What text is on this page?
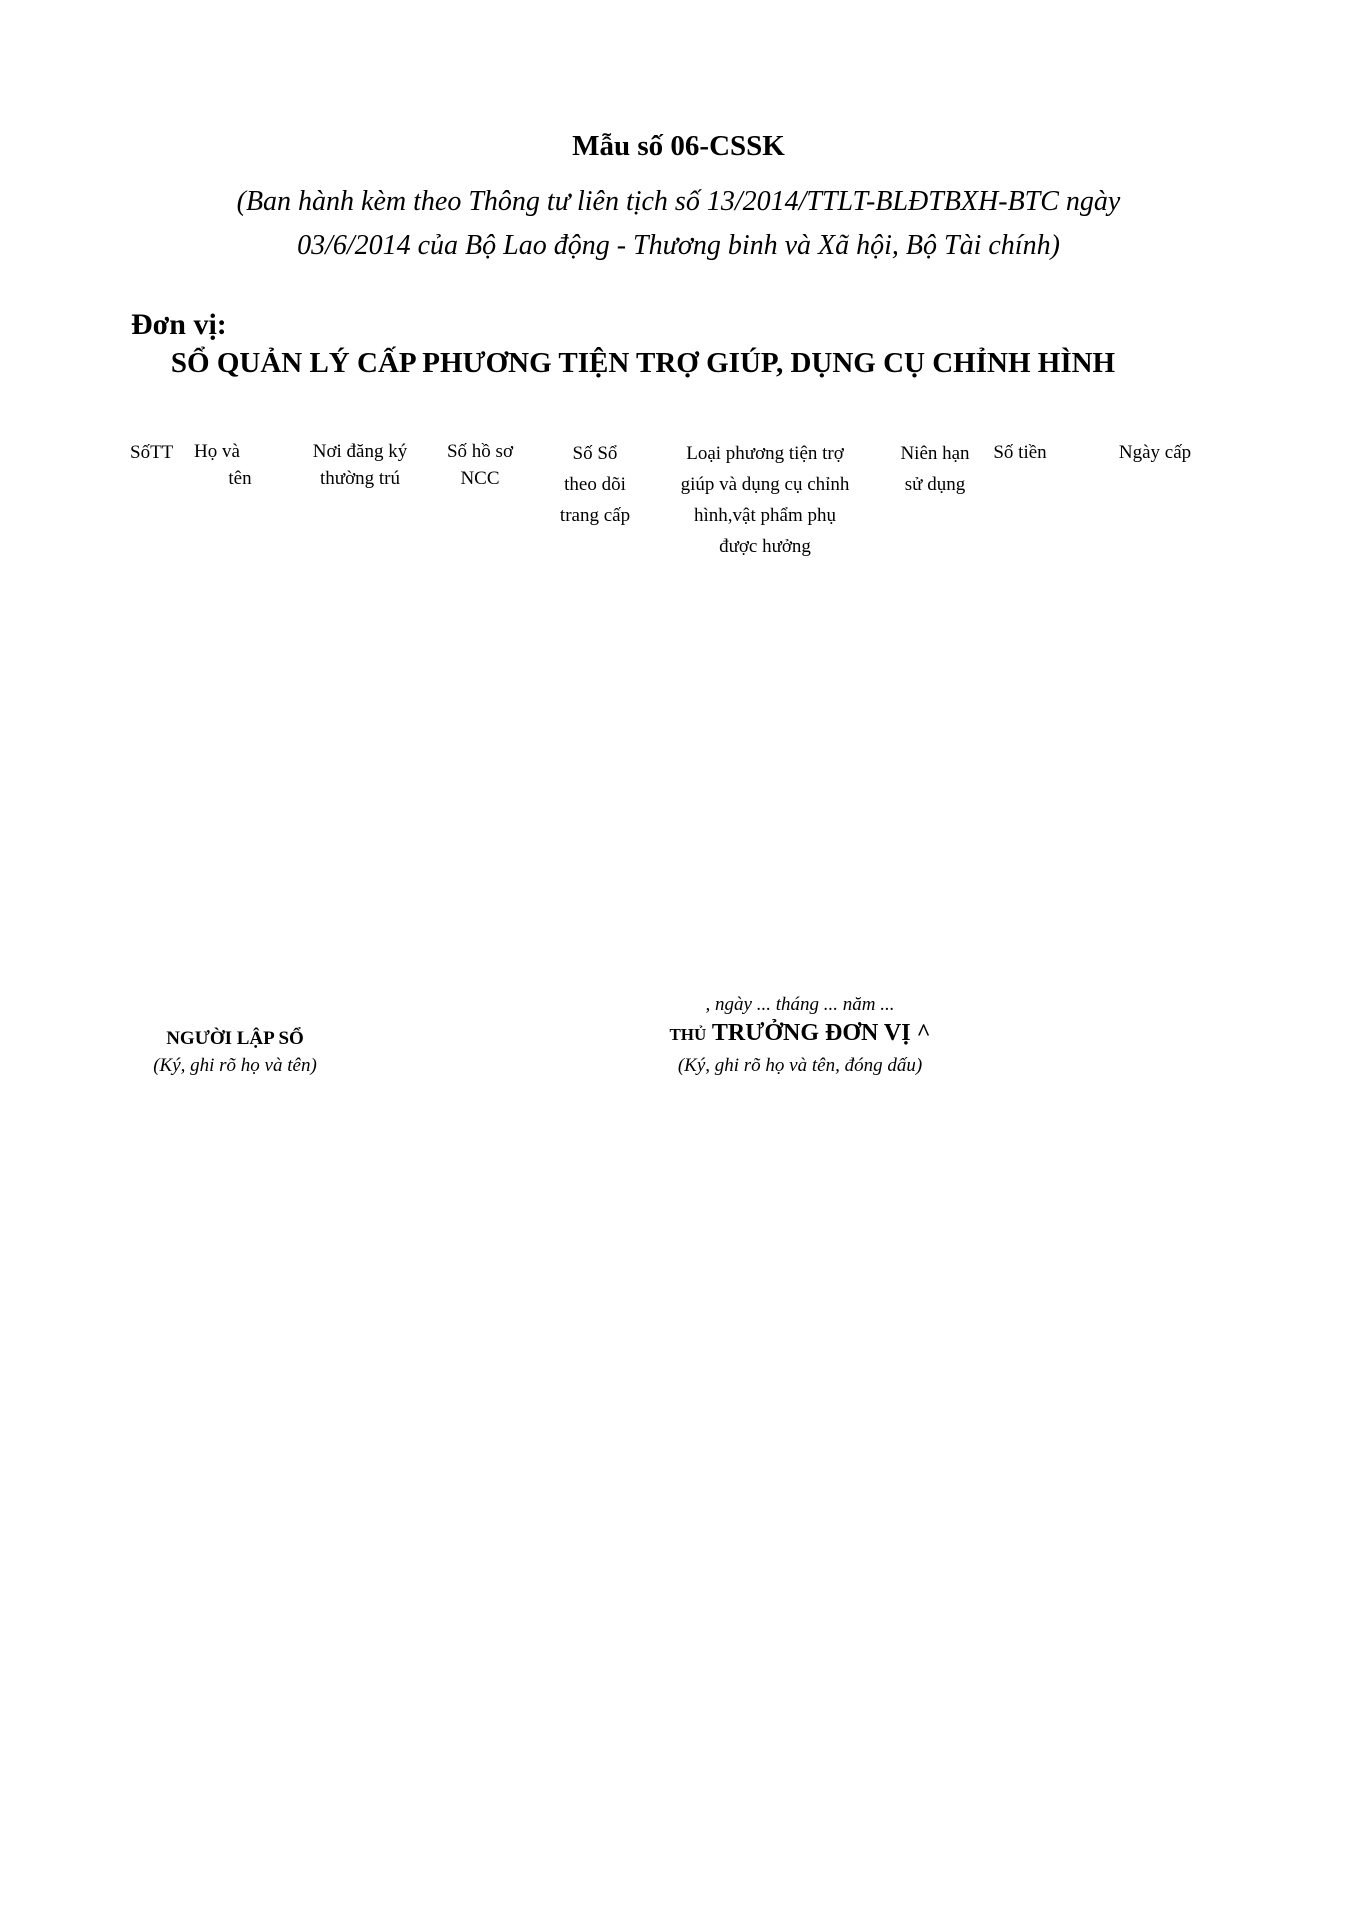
Mẫu số 06-CSSK
(Ban hành kèm theo Thông tư liên tịch số 13/2014/TTLT-BLĐTBXH-BTC ngày
03/6/2014 của Bộ Lao động - Thương binh và Xã hội, Bộ Tài chính)
Đơn vị:
SỔ QUẢN LÝ CẤP PHƯƠNG TIỆN TRỢ GIÚP, DỤNG CỤ CHỈNH HÌNH
SốTT	Họ và
tên
Nơi đăng ký
thường trú
Số hồ sơ
NCC
Số Sổ
theo dõi
trang cấp
Loại phương tiện trợ
giúp và dụng cụ chỉnh
hình,vật phẩm phụ
được hưởng
Niên hạn
sử dụng
Số tiền	Ngày cấp
, ngày ... tháng ... năm ...
NGƯỜI LẬP SỔ
(Ký, ghi rõ họ và tên)
THỦ TRƯỞNG ĐƠN VỊ ^
(Ký, ghi rõ họ và tên, đóng dấu)
